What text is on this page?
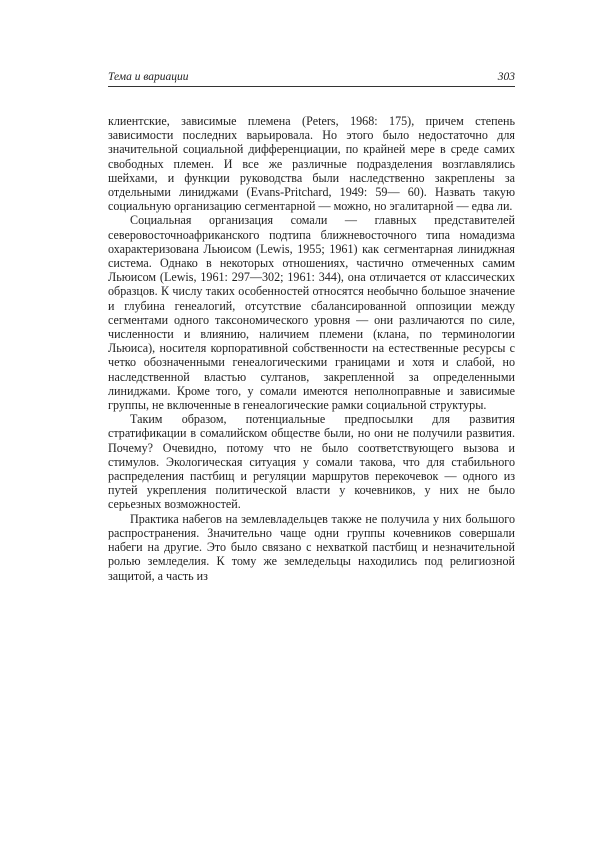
Тема и вариации	303

клиентские, зависимые племена (Peters, 1968: 175), причем степень зависимости последних варьировала. Но этого было недостаточно для значительной социальной дифференциации, по крайней мере в среде самих свободных племен. И все же различные подразделения возглавлялись шейхами, и функции руководства были наследственно закреплены за отдельными линиджами (Evans-Pritchard, 1949: 59— 60). Назвать такую социальную организацию сегментарной — можно, но эгалитарной — едва ли.

Социальная организация сомали — главных представителей северовосточноафриканского подтипа ближневосточного типа номадизма охарактеризована Льюисом (Lewis, 1955; 1961) как сегментарная линиджная система. Однако в некоторых отношениях, частично отмеченных самим Льюисом (Lewis, 1961: 297—302; 1961: 344), она отличается от классических образцов. К числу таких особенностей относятся необычно большое значение и глубина генеалогий, отсутствие сбалансированной оппозиции между сегментами одного таксономического уровня — они различаются по силе, численности и влиянию, наличием племени (клана, по терминологии Льюиса), носителя корпоративной собственности на естественные ресурсы с четко обозначенными генеалогическими границами и хотя и слабой, но наследственной властью султанов, закрепленной за определенными линиджами. Кроме того, у сомали имеются неполноправные и зависимые группы, не включенные в генеалогические рамки социальной структуры.

Таким образом, потенциальные предпосылки для развития стратификации в сомалийском обществе были, но они не получили развития. Почему? Очевидно, потому что не было соответствующего вызова и стимулов. Экологическая ситуация у сомали такова, что для стабильного распределения пастбищ и регуляции маршрутов перекочевок — одного из путей укрепления политической власти у кочевников, у них не было серьезных возможностей.

Практика набегов на землевладельцев также не получила у них большого распространения. Значительно чаще одни группы кочевников совершали набеги на другие. Это было связано с нехваткой пастбищ и незначительной ролью земледелия. К тому же земледельцы находились под религиозной защитой, а часть из
